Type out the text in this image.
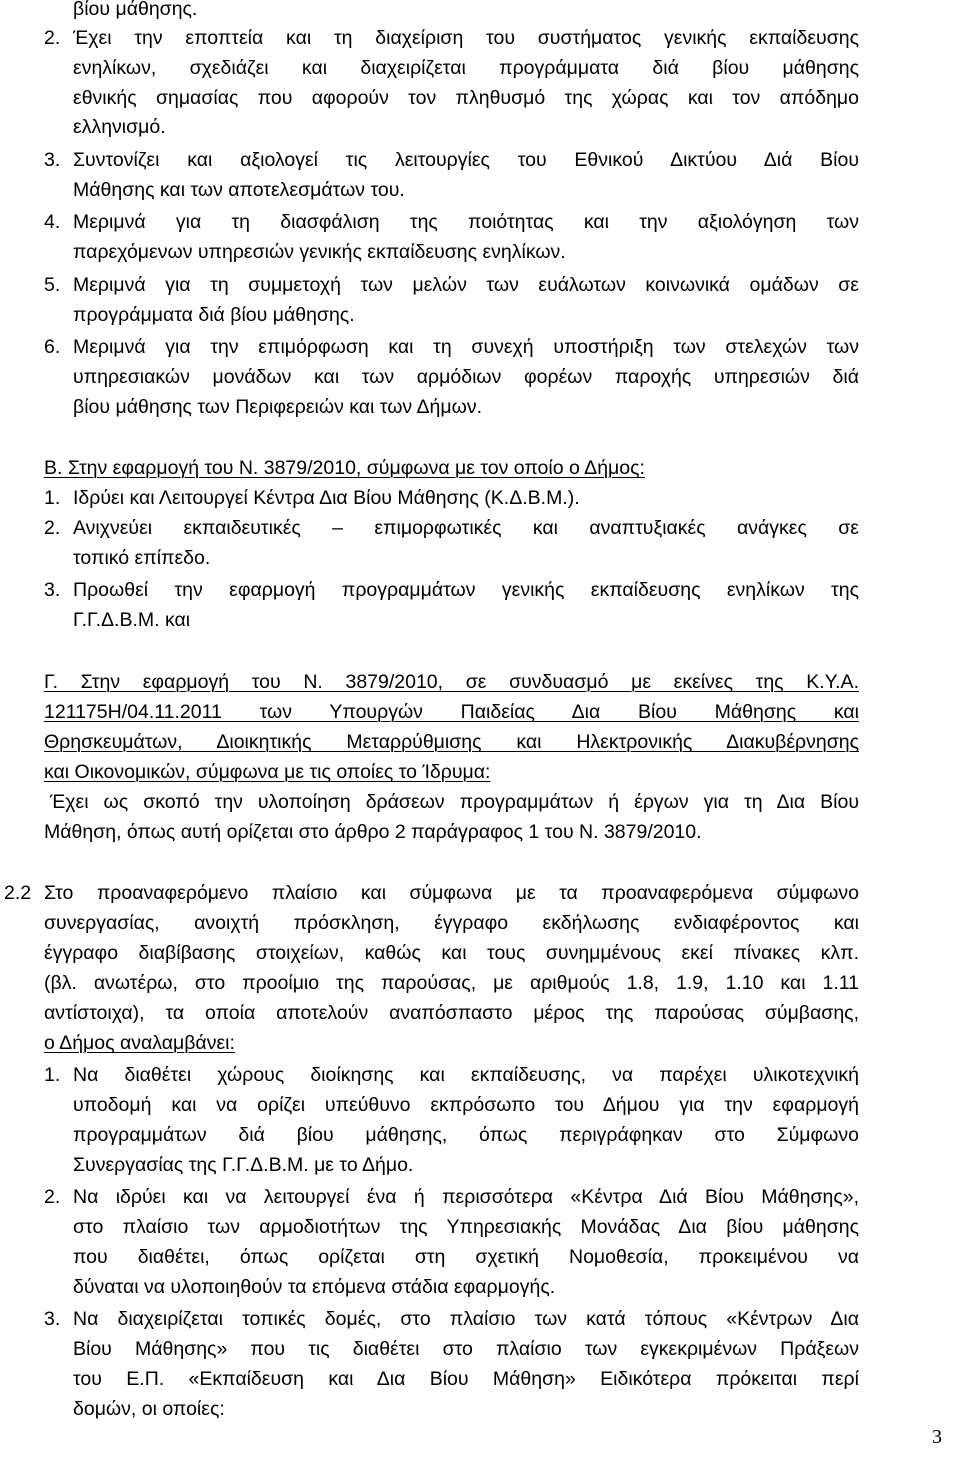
βίου μάθησης.
2. Έχει την εποπτεία και τη διαχείριση του συστήματος γενικής εκπαίδευσης
ενηλίκων, σχεδιάζει και διαχειρίζεται προγράμματα διά βίου μάθησης
εθνικής σημασίας που αφορούν τον πληθυσμό της χώρας και τον απόδημο
ελληνισμό.
3. Συντονίζει και αξιολογεί τις λειτουργίες του Εθνικού Δικτύου Διά Βίου
Μάθησης και των αποτελεσμάτων του.
4. Μεριμνά για τη διασφάλιση της ποιότητας και την αξιολόγηση των
παρεχόμενων υπηρεσιών γενικής εκπαίδευσης ενηλίκων.
5. Μεριμνά για τη συμμετοχή των μελών των ευάλωτων κοινωνικά ομάδων σε
προγράμματα διά βίου μάθησης.
6. Μεριμνά για την επιμόρφωση και τη συνεχή υποστήριξη των στελεχών των
υπηρεσιακών μονάδων και των αρμόδιων φορέων παροχής υπηρεσιών διά
βίου μάθησης των Περιφερειών και των Δήμων.
Β. Στην εφαρμογή του Ν. 3879/2010, σύμφωνα με τον οποίο ο Δήμος:
1. Ιδρύει και Λειτουργεί Κέντρα Δια Βίου Μάθησης (Κ.Δ.Β.Μ.).
2. Ανιχνεύει εκπαιδευτικές – επιμορφωτικές και αναπτυξιακές ανάγκες σε
τοπικό επίπεδο.
3. Προωθεί την εφαρμογή προγραμμάτων γενικής εκπαίδευσης ενηλίκων της
Γ.Γ.Δ.Β.Μ. και
Γ. Στην εφαρμογή του Ν. 3879/2010, σε συνδυασμό με εκείνες της Κ.Υ.Α.
121175Η/04.11.2011 των Υπουργών Παιδείας Δια Βίου Μάθησης και
Θρησκευμάτων, Διοικητικής Μεταρρύθμισης και Ηλεκτρονικής Διακυβέρνησης
και Οικονομικών, σύμφωνα με τις οποίες το Ίδρυμα:
Έχει ως σκοπό την υλοποίηση δράσεων προγραμμάτων ή έργων για τη Δια Βίου
Μάθηση, όπως αυτή ορίζεται στο άρθρο 2 παράγραφος 1 του Ν. 3879/2010.
2.2 Στο προαναφερόμενο πλαίσιο και σύμφωνα με τα προαναφερόμενα σύμφωνο
συνεργασίας, ανοιχτή πρόσκληση, έγγραφο εκδήλωσης ενδιαφέροντος και
έγγραφο διαβίβασης στοιχείων, καθώς και τους συνημμένους εκεί πίνακες κλπ.
(βλ. ανωτέρω, στο προοίμιο της παρούσας, με αριθμούς 1.8, 1.9, 1.10 και 1.11
αντίστοιχα), τα οποία αποτελούν αναπόσπαστο μέρος της παρούσας σύμβασης,
ο Δήμος αναλαμβάνει:
1. Να διαθέτει χώρους διοίκησης και εκπαίδευσης, να παρέχει υλικοτεχνική
υποδομή και να ορίζει υπεύθυνο εκπρόσωπο του Δήμου για την εφαρμογή
προγραμμάτων διά βίου μάθησης, όπως περιγράφηκαν στο Σύμφωνο
Συνεργασίας της Γ.Γ.Δ.Β.Μ. με το Δήμο.
2. Να ιδρύει και να λειτουργεί ένα ή περισσότερα «Κέντρα Διά Βίου Μάθησης»,
στο πλαίσιο των αρμοδιοτήτων της Υπηρεσιακής Μονάδας Δια βίου μάθησης
που διαθέτει, όπως ορίζεται στη σχετική Νομοθεσία, προκειμένου να
δύναται να υλοποιηθούν τα επόμενα στάδια εφαρμογής.
3. Να διαχειρίζεται τοπικές δομές, στο πλαίσιο των κατά τόπους «Κέντρων Δια
Βίου Μάθησης» που τις διαθέτει στο πλαίσιο των εγκεκριμένων Πράξεων
του Ε.Π. «Εκπαίδευση και Δια Βίου Μάθηση» Ειδικότερα πρόκειται περί
δομών, οι οποίες:
3
